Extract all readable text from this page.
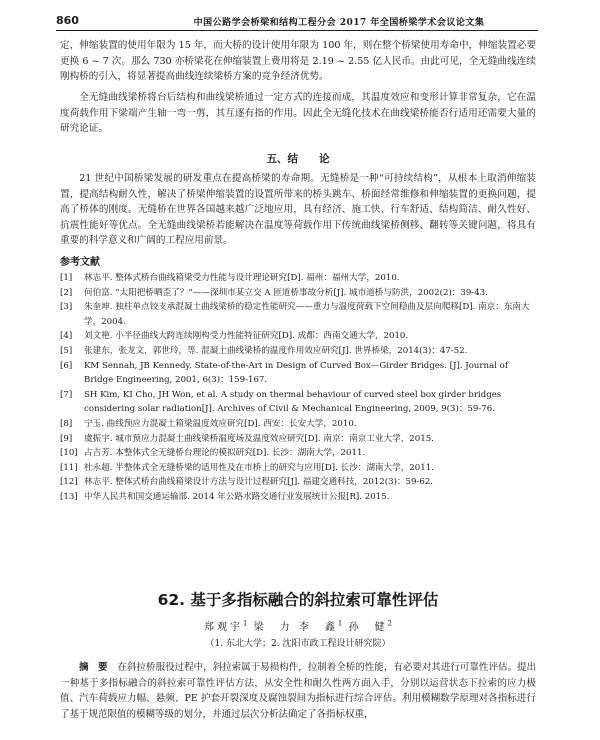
860	中国公路学会桥梁和结构工程分会 2017 年全国桥梁学术会议论文集

定，伸缩装置的使用年限为 15 年，而大桥的设计使用年限为 100 年，则在整个桥梁使用寿命中，伸缩装置必要更换 6 ~ 7 次。那么 730 亦桥梁花在伸缩装置上费用将是 2.19 ~ 2.55 亿人民币。由此可见，全无缝曲线连续刚构桥的引入，将显著提高曲线连续梁桥方案的竞争经济优势。

全无缝曲线梁桥将台后结构和曲线梁桥通过一定方式的连接而成，其温度效应和变形计算非常复杂，它在温度荷载作用下梁端产生轴一弯一剪，其互逐有指的作用。因此全无缝化技术在曲线梁桥能否行适用还需要大量的研究论证。

五、结　　论

21 世纪中国桥梁发展的研发重点在提高桥梁的寿命期。无缝桥是一种“可持续结构”，从根本上取消伸缩装置，提高结构耐久性，解决了桥梁伸缩装置的设置所带来的桥头跳车、桥面经常维修和伸缩装置的更换问题，提高了桥体的刚度。无缝桥在世界各国越来越广泛地应用，具有经济、施工快、行车舒适、结构简洁、耐久性好、抗震性能好等优点。全无缝曲线梁桥若能解决在温度等荷载作用下传统曲线梁桥侧移、翻转等关键问题，将具有重要的科学意义和广阔的工程应用前景。

参考文献
[1] 林志平. 整体式桥台曲线箱梁受力性能与设计理论研究[D]. 福州：福州大学，2010.
[2] 何伯富. “太阳把桥晒歪了？”——深圳市某立交 A 匝道桥事故分析[J]. 城市道桥与防洪，2002(2)：39-43.
[3] 朱奎坤. 独柱单点铰支承混凝土曲线梁桥的稳定性能研究——重力与温度荷载下空间稳曲及层向爬移[D]. 南京：东南大学，2004.
[4] 刘文艳. 小半径曲线大跨连续刚构受力性能特征研究[D]. 成都：西南交通大学，2010.
[5] 张建东，张龙文，郭世玲，等. 混凝土曲线梁桥的温度作用效应研究[J]. 世界桥梁，2014(3)：47-52.
[6] KM Sennah, JB Kennedy. State-of-the-Art in Design of Curved Box—Girder Bridges. [J]. Journal of Bridge Engineering, 2001, 6(3)：159-167.
[7] SH Kim, KI Cho, JH Won, et al. A study on thermal behaviour of curved steel box girder bridges considering solar radiation[J]. Archives of Civil & Mechanical Engineering, 2009, 9(3)：59-76.
[8] 宁玉. 曲线预应力混凝土箱梁温度效应研究[D]. 西安：长安大学，2010.
[9] 虞振宇. 城市预应力混凝土曲线梁桥温度场及温度效应研究[D]. 南京：南京工业大学，2015.
[10] 占吉芳. 本整体式全无缝桥台理论的模拟研究[D]. 长沙：湖南大学，2011.
[11] 杜永超. 半整体式全无缝桥梁的适用性及在市桥上的研究与应用[D]. 长沙：湖南大学，2011.
[12] 林志平. 整体式桥台曲线箱梁设计方法与设计过程研究[J]. 福建交通科技，2012(3)：59-62.
[13] 中华人民共和国交通运输部. 2014 年公路水路交通行业发展统计公报[R]. 2015.
62. 基于多指标融合的斜拉索可靠性评估
郑观宇$^1$ 梁　力 李　鑫$^1$ 孙　健$^2$
（1. 东北大学；2. 沈阳市政工程设计研究院）

摘　要 在斜拉桥服役过程中，斜拉索属于易损构件，拉制着全桥的性能，有必要对其进行可靠性评估。提出一种基于多指标融合的斜拉索可靠性评估方法，从安全性和耐久性两方面入手，分别以运营状态下拉索的应力极值、汽车荷载应力幅、悬频、PE 护套开裂深度及腐蚀裂间为指标进行综合评估。利用模糊数学原理对各指标进行了基于规范限值的模糊等级的划分，并通过层次分析法确定了各指标权重，
